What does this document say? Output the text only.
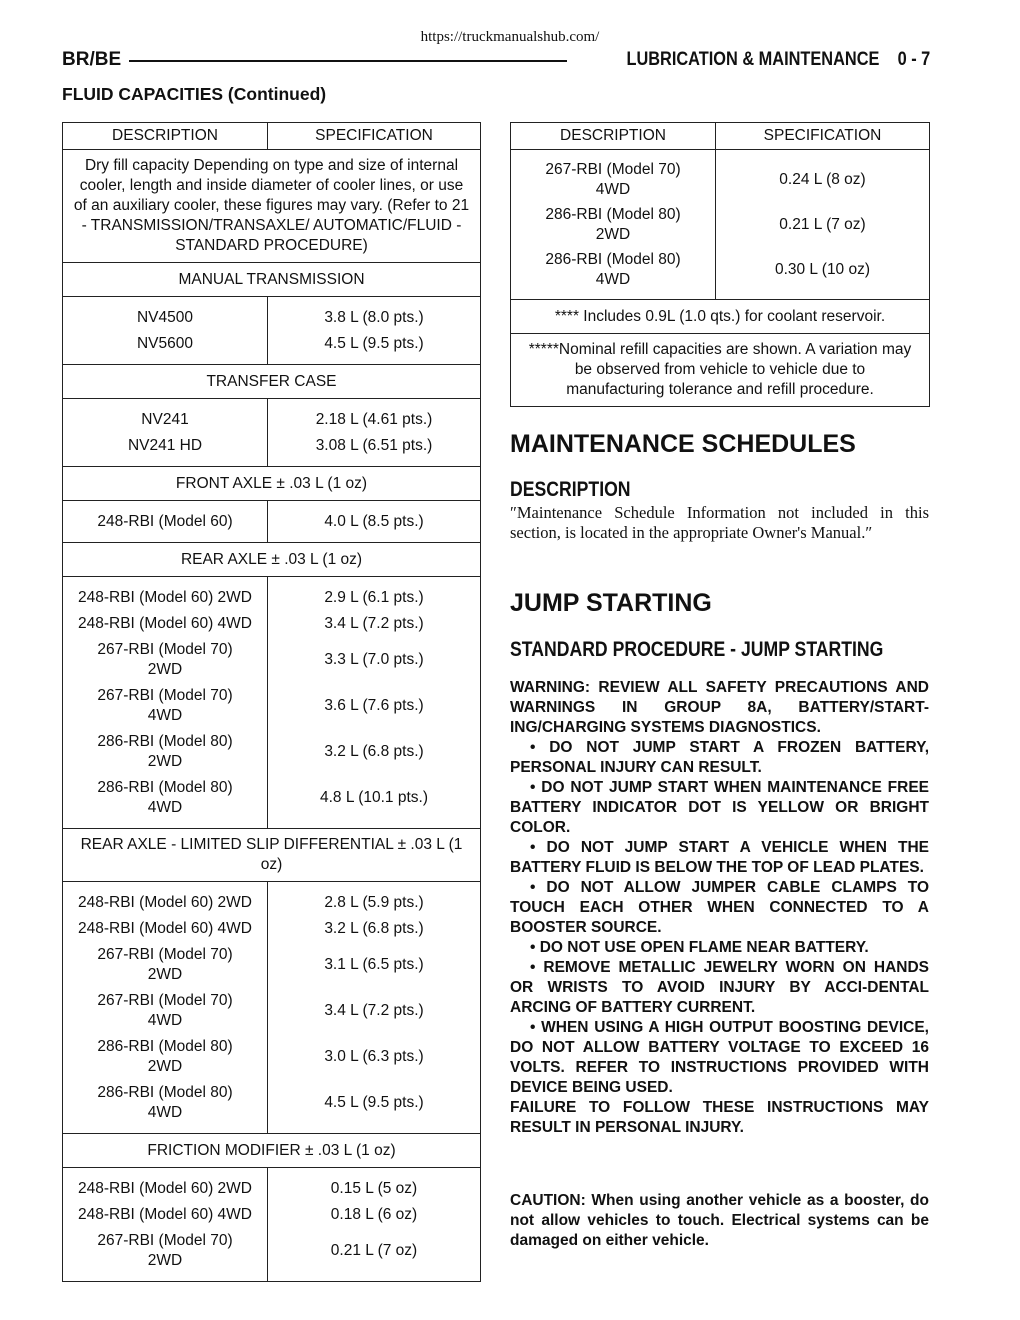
https://truckmanualshub.com/
BR/BE	LUBRICATION & MAINTENANCE    0 - 7
FLUID CAPACITIES (Continued)
DESCRIPTION	SPECIFICATION
Dry fill capacity Depending on type and size of internal cooler, length and inside diameter of cooler lines, or use of an auxiliary cooler, these figures may vary. (Refer to 21 - TRANSMISSION/TRANSAXLE/ AUTOMATIC/FLUID - STANDARD PROCEDURE)	
MANUAL TRANSMISSION	
NV4500	3.8 L (8.0 pts.)
NV5600	4.5 L (9.5 pts.)
TRANSFER CASE	
NV241	2.18 L (4.61 pts.)
NV241 HD	3.08 L (6.51 pts.)
FRONT AXLE ± .03 L (1 oz)	
248-RBI (Model 60)	4.0 L (8.5 pts.)
REAR AXLE ± .03 L (1 oz)	
248-RBI (Model 60) 2WD	2.9 L (6.1 pts.)
248-RBI (Model 60) 4WD	3.4 L (7.2 pts.)
267-RBI (Model 70)
2WD	3.3 L (7.0 pts.)
267-RBI (Model 70)
4WD	3.6 L (7.6 pts.)
286-RBI (Model 80)
2WD	3.2 L (6.8 pts.)
286-RBI (Model 80)
4WD	4.8 L (10.1 pts.)
REAR AXLE - LIMITED SLIP DIFFERENTIAL ± .03 L (1 oz)	
248-RBI (Model 60) 2WD	2.8 L (5.9 pts.)
248-RBI (Model 60) 4WD	3.2 L (6.8 pts.)
267-RBI (Model 70)
2WD	3.1 L (6.5 pts.)
267-RBI (Model 70)
4WD	3.4 L (7.2 pts.)
286-RBI (Model 80)
2WD	3.0 L (6.3 pts.)
286-RBI (Model 80)
4WD	4.5 L (9.5 pts.)
FRICTION MODIFIER ± .03 L (1 oz)	
248-RBI (Model 60) 2WD	0.15 L (5 oz)
248-RBI (Model 60) 4WD	0.18 L (6 oz)
267-RBI (Model 70)
2WD	0.21 L (7 oz)
DESCRIPTION	SPECIFICATION
267-RBI (Model 70)
4WD	0.24 L (8 oz)
286-RBI (Model 80)
2WD	0.21 L (7 oz)
286-RBI (Model 80)
4WD	0.30 L (10 oz)
**** Includes 0.9L (1.0 qts.) for coolant reservoir.	
*****Nominal refill capacities are shown. A variation may be observed from vehicle to vehicle due to manufacturing tolerance and refill procedure.	
MAINTENANCE SCHEDULES
DESCRIPTION
″Maintenance Schedule Information not included in this section, is located in the appropriate Owner's Manual.″
JUMP STARTING
STANDARD PROCEDURE - JUMP STARTING

WARNING: REVIEW ALL SAFETY PRECAUTIONS AND WARNINGS IN GROUP 8A, BATTERY/START-ING/CHARGING SYSTEMS DIAGNOSTICS.

• DO NOT JUMP START A FROZEN BATTERY, PERSONAL INJURY CAN RESULT.

• DO NOT JUMP START WHEN MAINTENANCE FREE BATTERY INDICATOR DOT IS YELLOW OR BRIGHT COLOR.

• DO NOT JUMP START A VEHICLE WHEN THE BATTERY FLUID IS BELOW THE TOP OF LEAD PLATES.

• DO NOT ALLOW JUMPER CABLE CLAMPS TO TOUCH EACH OTHER WHEN CONNECTED TO A BOOSTER SOURCE.

• DO NOT USE OPEN FLAME NEAR BATTERY.

• REMOVE METALLIC JEWELRY WORN ON HANDS OR WRISTS TO AVOID INJURY BY ACCI-DENTAL ARCING OF BATTERY CURRENT.

• WHEN USING A HIGH OUTPUT BOOSTING DEVICE, DO NOT ALLOW BATTERY VOLTAGE TO EXCEED 16 VOLTS. REFER TO INSTRUCTIONS PROVIDED WITH DEVICE BEING USED.

FAILURE TO FOLLOW THESE INSTRUCTIONS MAY RESULT IN PERSONAL INJURY.

CAUTION: When using another vehicle as a booster, do not allow vehicles to touch. Electrical systems can be damaged on either vehicle.
